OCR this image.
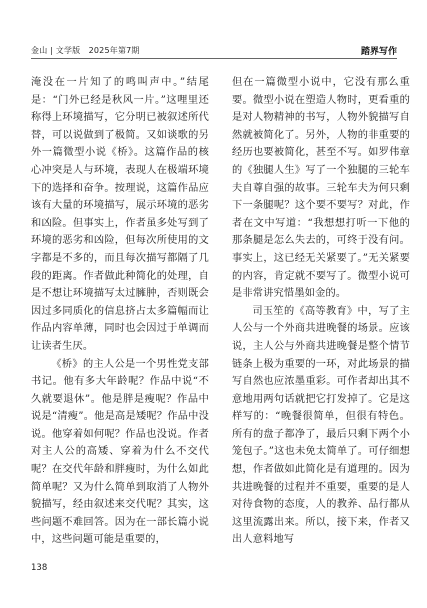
金山 | 文学版　2025年第7期	踏界写作

淹没在一片知了的鸣叫声中。”结尾是：“门外已经是秋风一片。”这哩里还称得上环境描写，它分明已被叙述所代替，可以说做到了极简。又如谈歌的另外一篇微型小说《桥》。这篇作品的核心冲突是人与环境，表现人在极端环境下的选择和奋争。按理说，这篇作品应该有大量的环境描写，展示环境的恶劣和凶险。但事实上，作者虽多处写到了环境的恶劣和凶险，但每次所使用的文字都是不多的，而且每次描写都隔了几段的距离。作者做此种简化的处理，自是不想让环境描写太过臃肿，否则既会因过多同质化的信息挤占太多篇幅而让作品内容单薄，同时也会因过于单调而让读者生厌。

《桥》的主人公是一个男性党支部书记。他有多大年龄呢？作品中说“不久就要退休”。他是胖是瘦呢？作品中说是“清瘦”。他是高是矮呢？作品中没说。他穿着如何呢？作品也没说。作者对主人公的高矮、穿着为什么不交代呢？在交代年龄和胖瘦时，为什么如此简单呢？又为什么简单到取消了人物外貌描写，经由叙述来交代呢？其实，这些问题不难回答。因为在一部长篇小说中，这些问题可能是重要的，

但在一篇微型小说中，它没有那么重要。微型小说在塑造人物时，更看重的是对人物精神的书写，人物外貌描写自然就被简化了。另外，人物的非重要的经历也要被简化，甚至不写。如罗伟章的《独腿人生》写了一个独腿的三轮车夫自尊自强的故事。三轮车夫为何只剩下一条腿呢？这个要不要写？对此，作者在文中写道：“我想想打听一下他的那条腿是怎么失去的，可终于没有问。事实上，这已经无关紧要了。”无关紧要的内容，肯定就不要写了。微型小说可是非常讲究惜墨如金的。

司玉笙的《高等教育》中，写了主人公与一个外商共进晚餐的场景。应该说，主人公与外商共进晚餐是整个情节链条上极为重要的一环，对此场景的描写自然也应浓墨重彩。可作者却出其不意地用两句话就把它打发掉了。它是这样写的：“晚餐很简单，但很有特色。所有的盘子都净了，最后只剩下两个小笼包子。”这也未免太简单了。可仔细想想，作者做如此简化是有道理的。因为共进晚餐的过程并不重要，重要的是人对待食物的态度，人的教养、品行都从这里流露出来。所以，接下来，作者又出人意料地写

138
